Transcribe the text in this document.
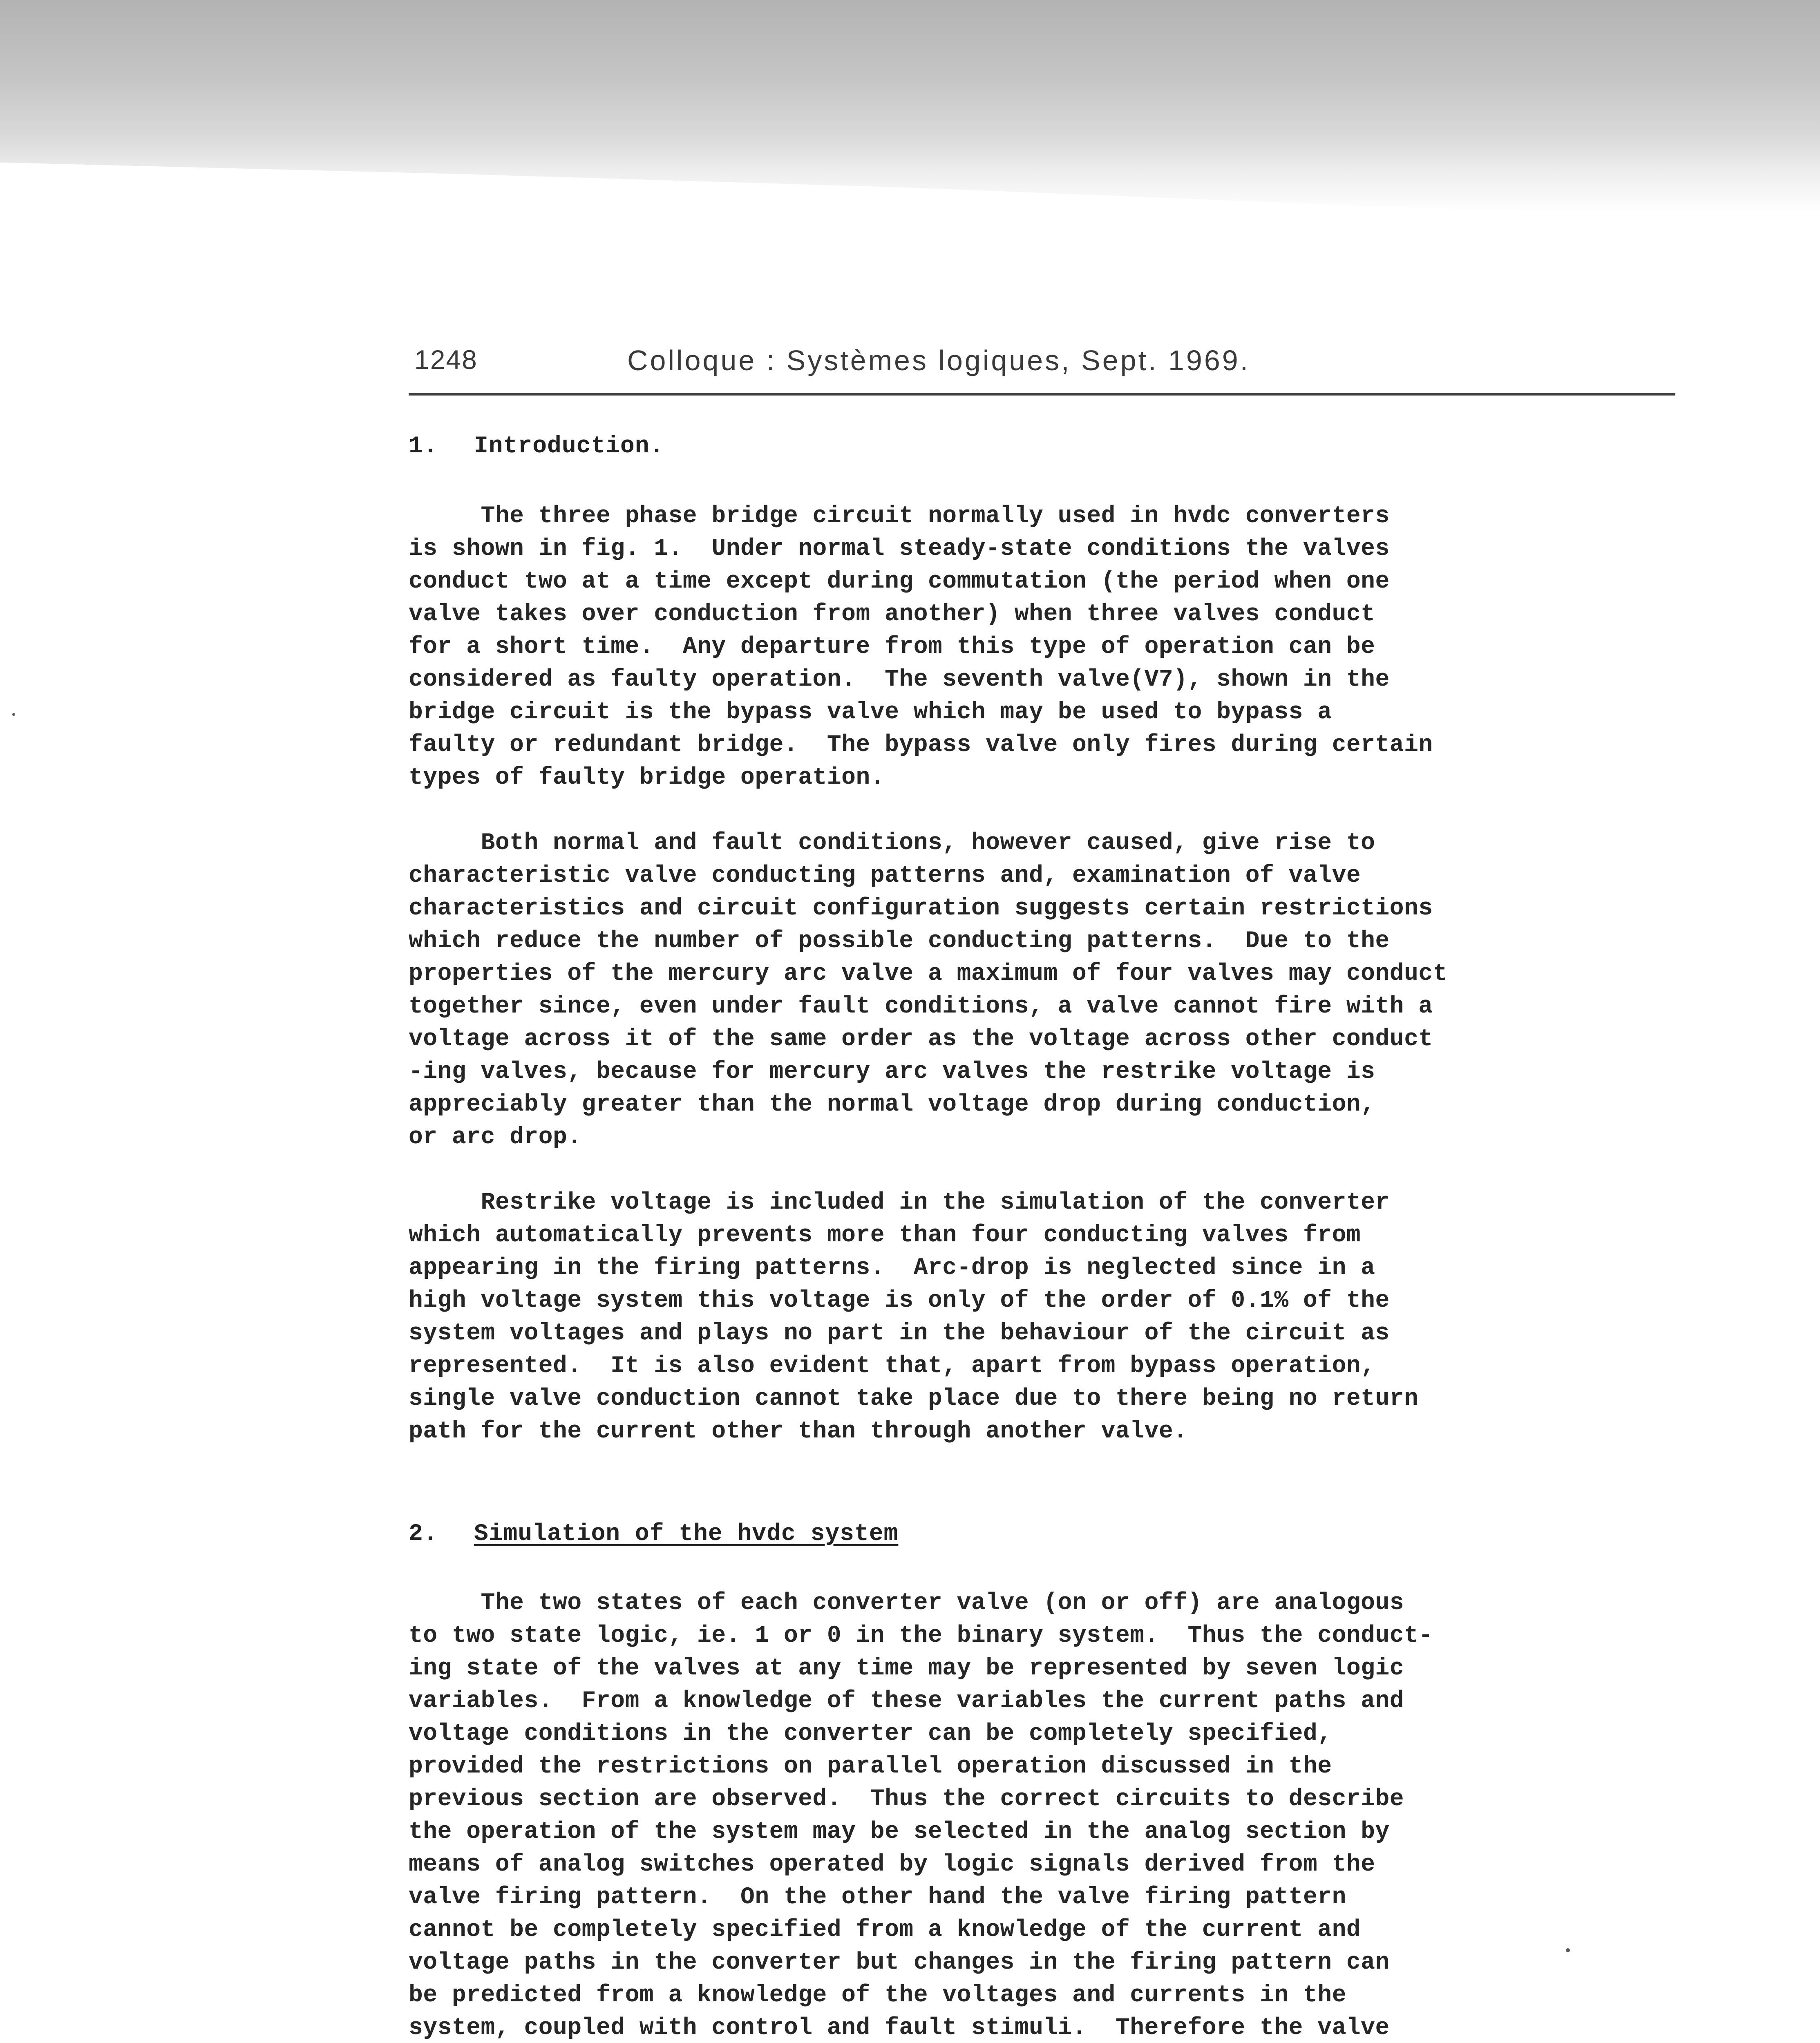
1248	Colloque : Systèmes logiques, Sept. 1969.
1. Introduction.

The three phase bridge circuit normally used in hvdc converters
is shown in fig. 1.  Under normal steady-state conditions the valves
conduct two at a time except during commutation (the period when one
valve takes over conduction from another) when three valves conduct
for a short time.  Any departure from this type of operation can be
considered as faulty operation.  The seventh valve(V7), shown in the
bridge circuit is the bypass valve which may be used to bypass a
faulty or redundant bridge.  The bypass valve only fires during certain
types of faulty bridge operation.

Both normal and fault conditions, however caused, give rise to
characteristic valve conducting patterns and, examination of valve
characteristics and circuit configuration suggests certain restrictions
which reduce the number of possible conducting patterns.  Due to the
properties of the mercury arc valve a maximum of four valves may conduct
together since, even under fault conditions, a valve cannot fire with a
voltage across it of the same order as the voltage across other conduct
-ing valves, because for mercury arc valves the restrike voltage is
appreciably greater than the normal voltage drop during conduction,
or arc drop.

Restrike voltage is included in the simulation of the converter
which automatically prevents more than four conducting valves from
appearing in the firing patterns.  Arc-drop is neglected since in a
high voltage system this voltage is only of the order of 0.1% of the
system voltages and plays no part in the behaviour of the circuit as
represented.  It is also evident that, apart from bypass operation,
single valve conduction cannot take place due to there being no return
path for the current other than through another valve.

2. Simulation of the hvdc system

The two states of each converter valve (on or off) are analogous
to two state logic, ie. 1 or 0 in the binary system.  Thus the conduct-
ing state of the valves at any time may be represented by seven logic
variables.  From a knowledge of these variables the current paths and
voltage conditions in the converter can be completely specified,
provided the restrictions on parallel operation discussed in the
previous section are observed.  Thus the correct circuits to describe
the operation of the system may be selected in the analog section by
means of analog switches operated by logic signals derived from the
valve firing pattern.  On the other hand the valve firing pattern
cannot be completely specified from a knowledge of the current and
voltage paths in the converter but changes in the firing pattern can
be predicted from a knowledge of the voltages and currents in the
system, coupled with control and fault stimuli.  Therefore the valve
